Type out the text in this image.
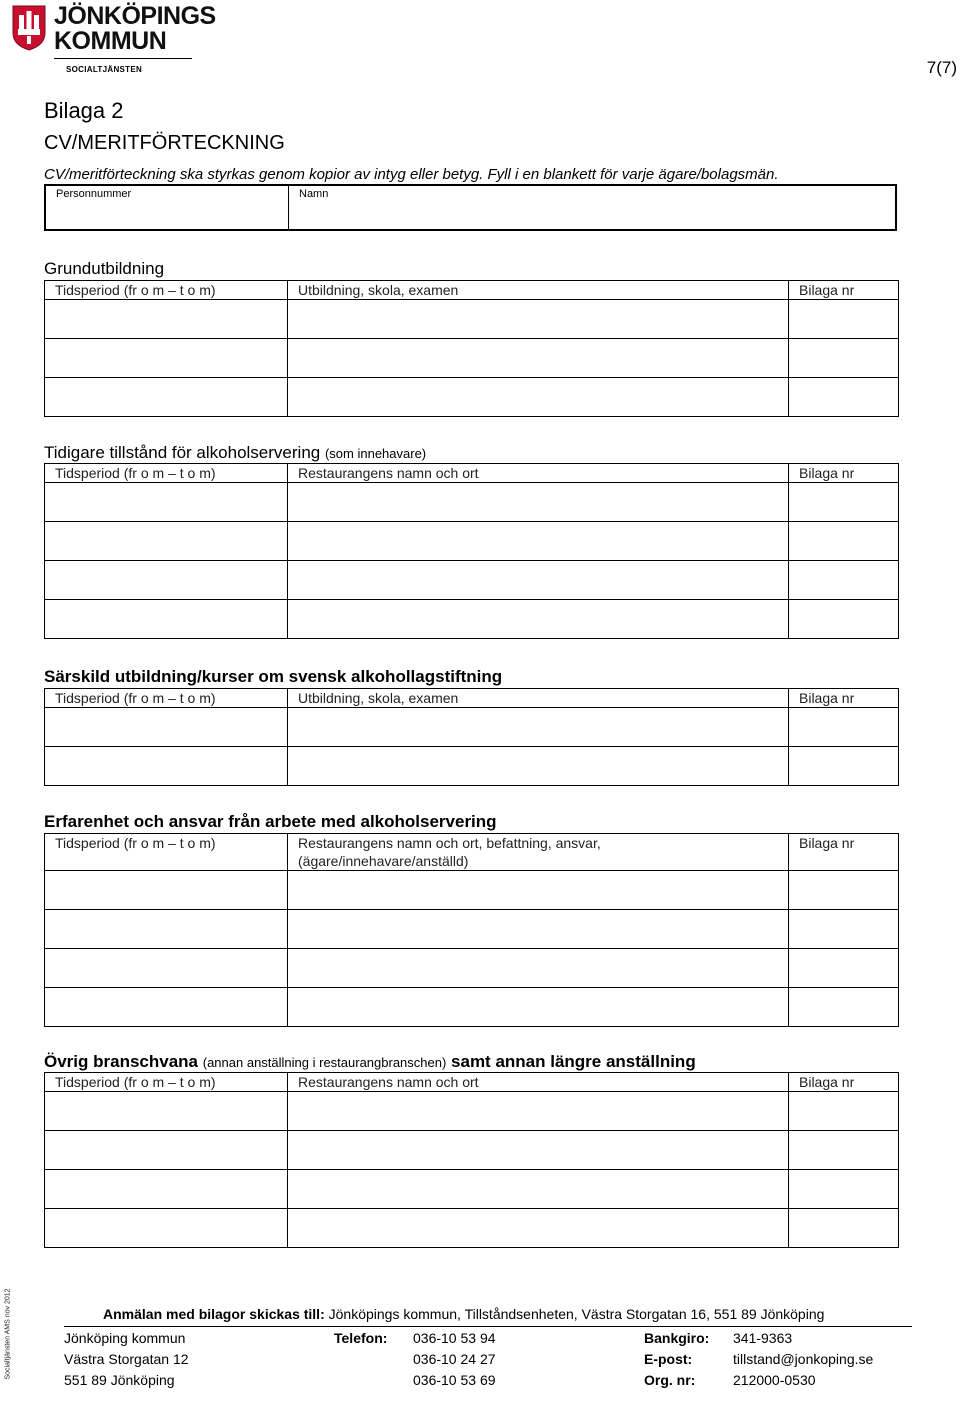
JÖNKÖPINGS
KOMMUN
SOCIALTJÄNSTEN	7(7)
Bilaga 2
CV/MERITFÖRTECKNING
CV/meritförteckning ska styrkas genom kopior av intyg eller betyg. Fyll i en blankett för varje ägare/bolagsmän.
Personnummer	Namn
Grundutbildning
Tidsperiod (fr o m – t o m)	Utbildning, skola, examen	Bilaga nr

Tidigare tillstånd för alkoholservering (som innehavare)
Tidsperiod (fr o m – t o m)	Restaurangens namn och ort	Bilaga nr

Särskild utbildning/kurser om svensk alkohollagstiftning
Tidsperiod (fr o m – t o m)	Utbildning, skola, examen	Bilaga nr

Erfarenhet och ansvar från arbete med alkoholservering
Tidsperiod (fr o m – t o m)	Restaurangens namn och ort, befattning, ansvar,
(ägare/innehavare/anställd)	Bilaga nr

Övrig branschvana (annan anställning i restaurangbranschen) samt annan längre anställning
Tidsperiod (fr o m – t o m)	Restaurangens namn och ort	Bilaga nr

Socialtjänsten AMS nov 2012	Anmälan med bilagor skickas till: Jönköpings kommun, Tillståndsenheten, Västra Storgatan 16, 551 89 Jönköping
Jönköping kommun
Västra Storgatan 12
551 89 Jönköping
Telefon: 036-10 53 94
036-10 24 27
036-10 53 69
Bankgiro: 341-9363
E-post:	tillstand@jonkoping.se
Org. nr:	212000-0530
